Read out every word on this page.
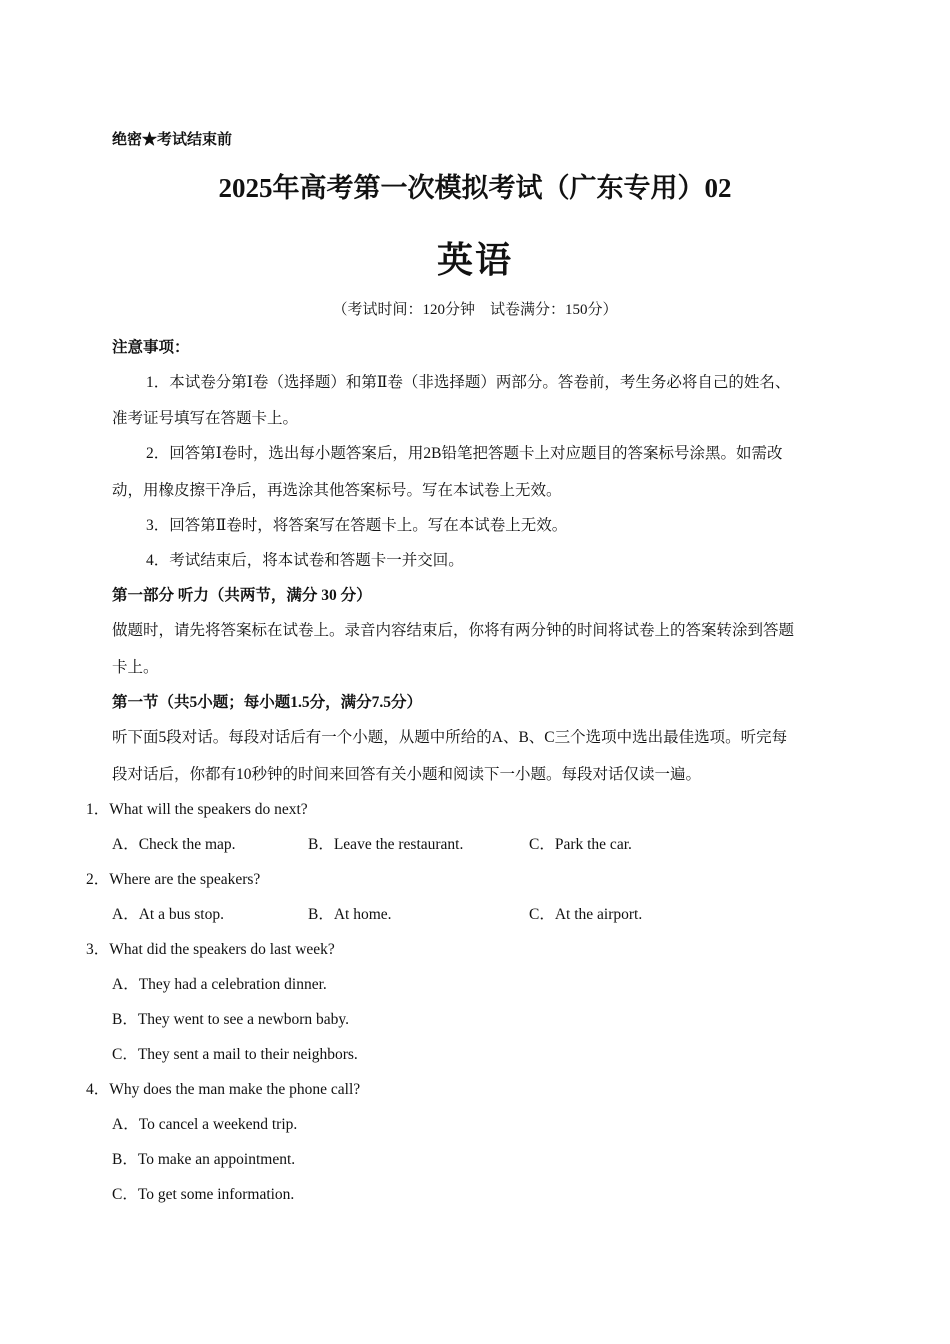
绝密★考试结束前
2025年高考第一次模拟考试（广东专用）02
英语
（考试时间：120分钟　试卷满分：150分）
注意事项：
1．本试卷分第Ⅰ卷（选择题）和第Ⅱ卷（非选择题）两部分。答卷前，考生务必将自己的姓名、
准考证号填写在答题卡上。
2．回答第Ⅰ卷时，选出每小题答案后，用2B铅笔把答题卡上对应题目的答案标号涂黑。如需改
动，用橡皮擦干净后，再选涂其他答案标号。写在本试卷上无效。
3．回答第Ⅱ卷时，将答案写在答题卡上。写在本试卷上无效。
4．考试结束后，将本试卷和答题卡一并交回。
第一部分 听力（共两节，满分 30 分）
做题时，请先将答案标在试卷上。录音内容结束后，你将有两分钟的时间将试卷上的答案转涂到答题
卡上。
第一节（共5小题；每小题1.5分，满分7.5分）
听下面5段对话。每段对话后有一个小题，从题中所给的A、B、C三个选项中选出最佳选项。听完每
段对话后，你都有10秒钟的时间来回答有关小题和阅读下一小题。每段对话仅读一遍。
1．What will the speakers do next?
A．Check the map.	B．Leave the restaurant.	C．Park the car.
2．Where are the speakers?
A．At a bus stop.	B．At home.	C．At the airport.
3．What did the speakers do last week?
A．They had a celebration dinner.
B．They went to see a newborn baby.
C．They sent a mail to their neighbors.
4．Why does the man make the phone call?
A．To cancel a weekend trip.
B．To make an appointment.
C．To get some information.
